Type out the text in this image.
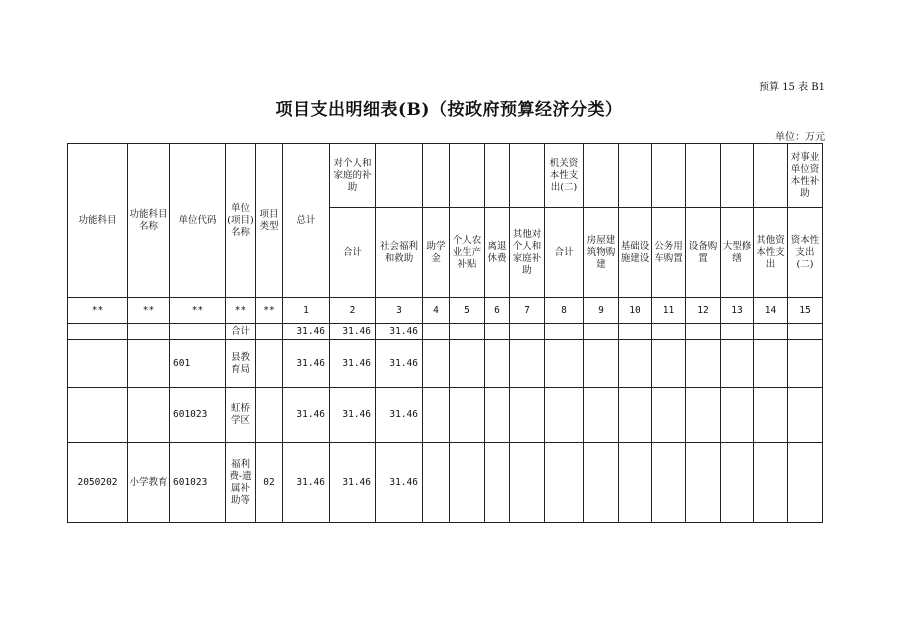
预算 15 表 B1
项目支出明细表(B)（按政府预算经济分类）
单位：万元
功能科目	功能科目名称	单位代码	单位(项目)名称	项目类型	总计	对个人和家庭的补助						机关资本性支出(二)							对事业单位资本性补助
						合计	社会福利和救助	助学金	个人农业生产补贴	离退休费	其他对个人和家庭补助	合计	房屋建筑物购建	基础设施建设	公务用车购置	设备购置	大型修缮	其他资本性支出	资本性支出(二)
**	**	**	**	**	1	2	3	4	5	6	7	8	9	10	11	12	13	14	15
			合计		31.46	31.46	31.46												
		601	县教育局		31.46	31.46	31.46												
		601023	虹桥学区		31.46	31.46	31.46												
2050202	小学教育	601023	福利费-遗属补助等	02	31.46	31.46	31.46												
